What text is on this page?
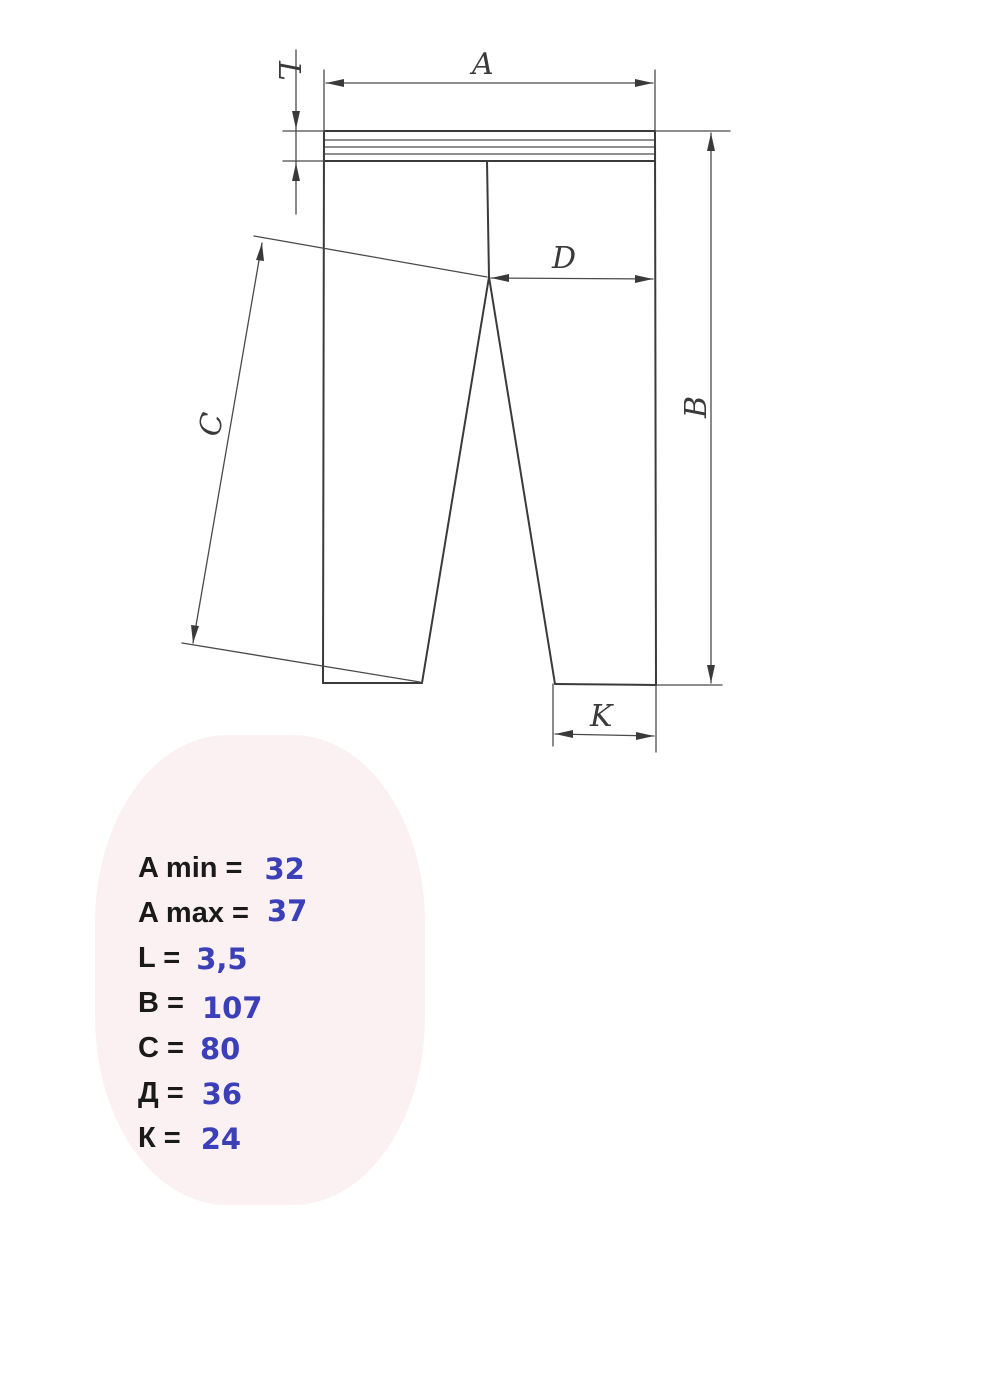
A
L
D
B
C
K
A min = 32
A max = 37
L = 3,5
B = 107
C = 80
Д = 36
К = 24
